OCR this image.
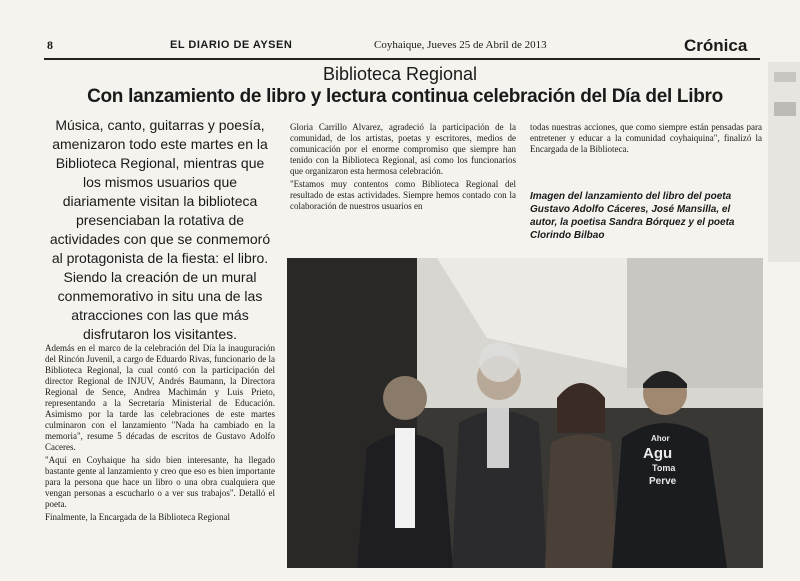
8	EL DIARIO DE AYSEN	Coyhaique, Jueves 25 de Abril de 2013	Crónica
Biblioteca Regional
Con lanzamiento de libro y lectura continua celebración del Día del Libro
Música, canto, guitarras y poesía, amenizaron todo este martes en la Biblioteca Regional, mientras que los mismos usuarios que diariamente visitan la biblioteca presenciaban la rotativa de actividades con que se conmemoró al protagonista de la fiesta: el libro. Siendo la creación de un mural conmemorativo in situ una de las atracciones con las que más disfrutaron los visitantes.

Además en el marco de la celebración del Día la inauguración del Rincón Juvenil, a cargo de Eduardo Rivas, funcionario de la Biblioteca Regional, la cual contó con la participación del director Regional de INJUV, Andrés Baumann, la Directora Regional de Sence, Andrea Machimán y Luis Prieto, representando a la Secretaría Ministerial de Educación. Asimismo por la tarde las celebraciones de este martes culminaron con el lanzamiento "Nada ha cambiado en la memoria", resume 5 décadas de escritos de Gustavo Adolfo Caceres.

"Aquí en Coyhaique ha sido bien interesante, ha llegado bastante gente al lanzamiento y creo que eso es bien importante para la persona que hace un libro o una obra cualquiera que vengan personas a escucharlo o a ver sus trabajos". Detalló el poeta.

Finalmente, la Encargada de la Biblioteca Regional

Gloria Carrillo Alvarez, agradeció la participación de la comunidad, de los artistas, poetas y escritores, medios de comunicación por el enorme compromiso que siempre han tenido con la Biblioteca Regional, así como los funcionarios que organizaron esta hermosa celebración.

"Estamos muy contentos como Biblioteca Regional del resultado de estas actividades. Siempre hemos contado con la colaboración de nuestros usuarios en

todas nuestras acciones, que como siempre están pensadas para entretener y educar a la comunidad coyhaiquina", finalizó la Encargada de la Biblioteca.

Imagen del lanzamiento del libro del poeta Gustavo Adolfo Cáceres, José Mansilla, el autor, la poetisa Sandra Bórquez y el poeta Clorindo Bilbao
Ahor
Agu
Toma
Perve
